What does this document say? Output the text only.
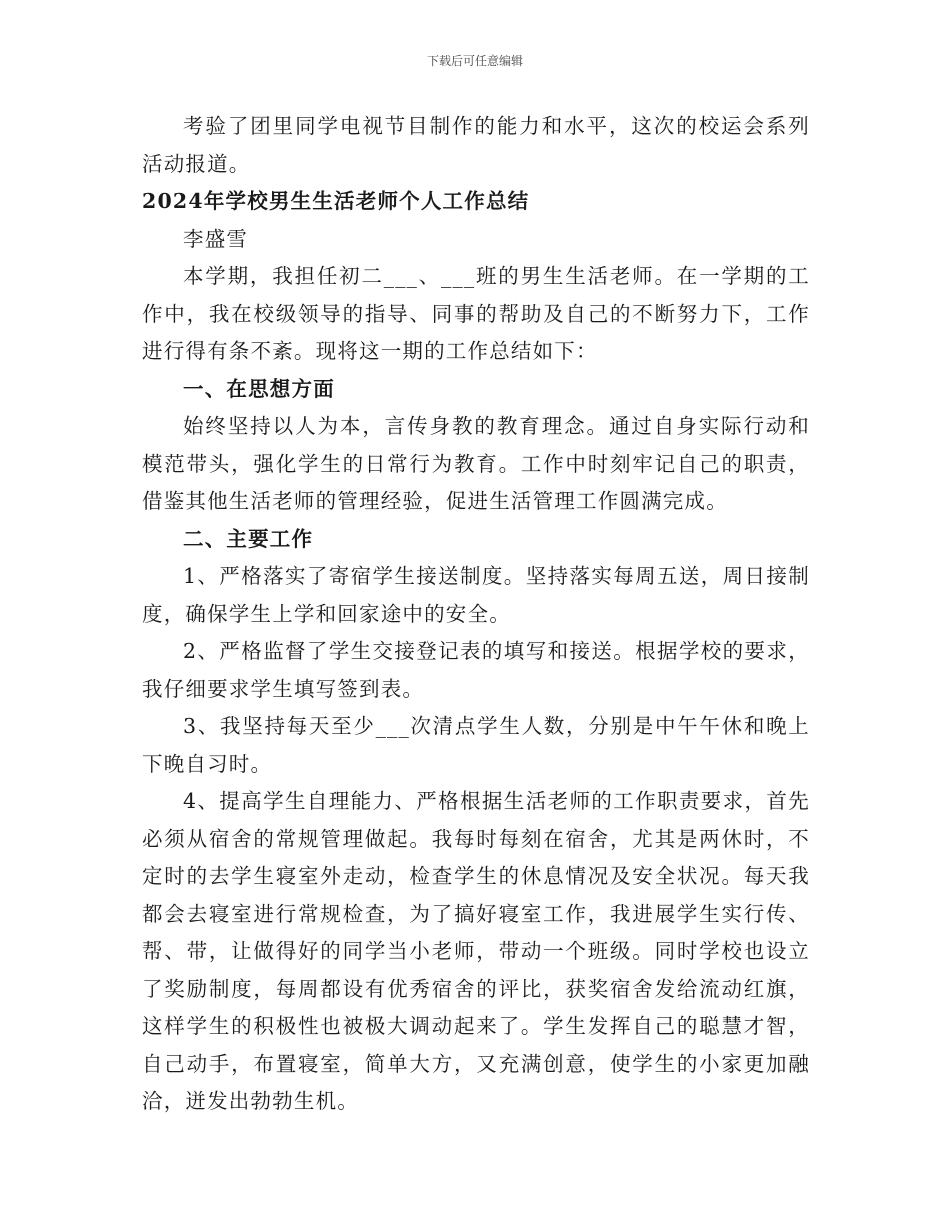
下载后可任意编辑

考验了团里同学电视节目制作的能力和水平，这次的校运会系列活动报道。

2024年学校男生生活老师个人工作总结

李盛雪

本学期，我担任初二___、___班的男生生活老师。在一学期的工作中，我在校级领导的指导、同事的帮助及自己的不断努力下，工作进行得有条不紊。现将这一期的工作总结如下：

一、在思想方面

始终坚持以人为本，言传身教的教育理念。通过自身实际行动和模范带头，强化学生的日常行为教育。工作中时刻牢记自己的职责，借鉴其他生活老师的管理经验，促进生活管理工作圆满完成。

二、主要工作

1、严格落实了寄宿学生接送制度。坚持落实每周五送，周日接制度，确保学生上学和回家途中的安全。

2、严格监督了学生交接登记表的填写和接送。根据学校的要求，我仔细要求学生填写签到表。

3、我坚持每天至少___次清点学生人数，分别是中午午休和晚上下晚自习时。

4、提高学生自理能力、严格根据生活老师的工作职责要求，首先必须从宿舍的常规管理做起。我每时每刻在宿舍，尤其是两休时，不定时的去学生寝室外走动，检查学生的休息情况及安全状况。每天我都会去寝室进行常规检查，为了搞好寝室工作，我进展学生实行传、帮、带，让做得好的同学当小老师，带动一个班级。同时学校也设立了奖励制度，每周都设有优秀宿舍的评比，获奖宿舍发给流动红旗，这样学生的积极性也被极大调动起来了。学生发挥自己的聪慧才智，自己动手，布置寝室，简单大方，又充满创意，使学生的小家更加融洽，迸发出勃勃生机。
